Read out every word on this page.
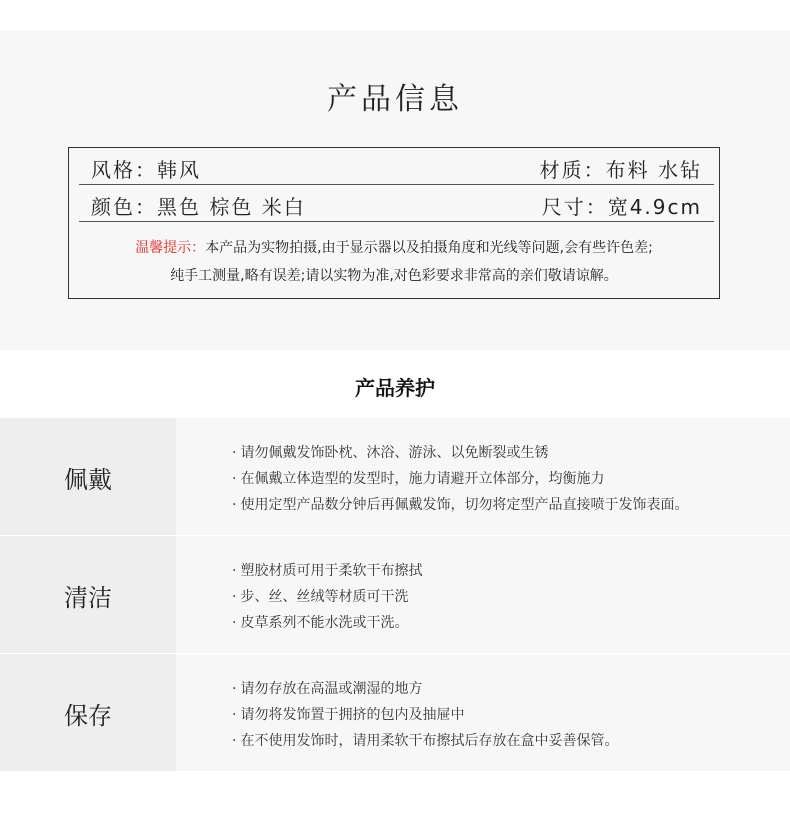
产品信息
风格：韩风	材质：布料 水钻
颜色：黑色 棕色 米白	尺寸：宽4.9cm
温馨提示：本产品为实物拍摄,由于显示器以及拍摄角度和光线等问题,会有些许色差;
纯手工测量,略有误差;请以实物为准,对色彩要求非常高的亲们敬请谅解。
产品养护
佩戴
· 请勿佩戴发饰卧枕、沐浴、游泳、以免断裂或生锈
· 在佩戴立体造型的发型时，施力请避开立体部分，均衡施力
· 使用定型产品数分钟后再佩戴发饰，切勿将定型产品直接喷于发饰表面。
清洁
· 塑胶材质可用于柔软干布擦拭
· 步、丝、丝绒等材质可干洗
· 皮草系列不能水洗或干洗。
保存
· 请勿存放在高温或潮湿的地方
· 请勿将发饰置于拥挤的包内及抽屉中
· 在不使用发饰时，请用柔软干布擦拭后存放在盒中妥善保管。
